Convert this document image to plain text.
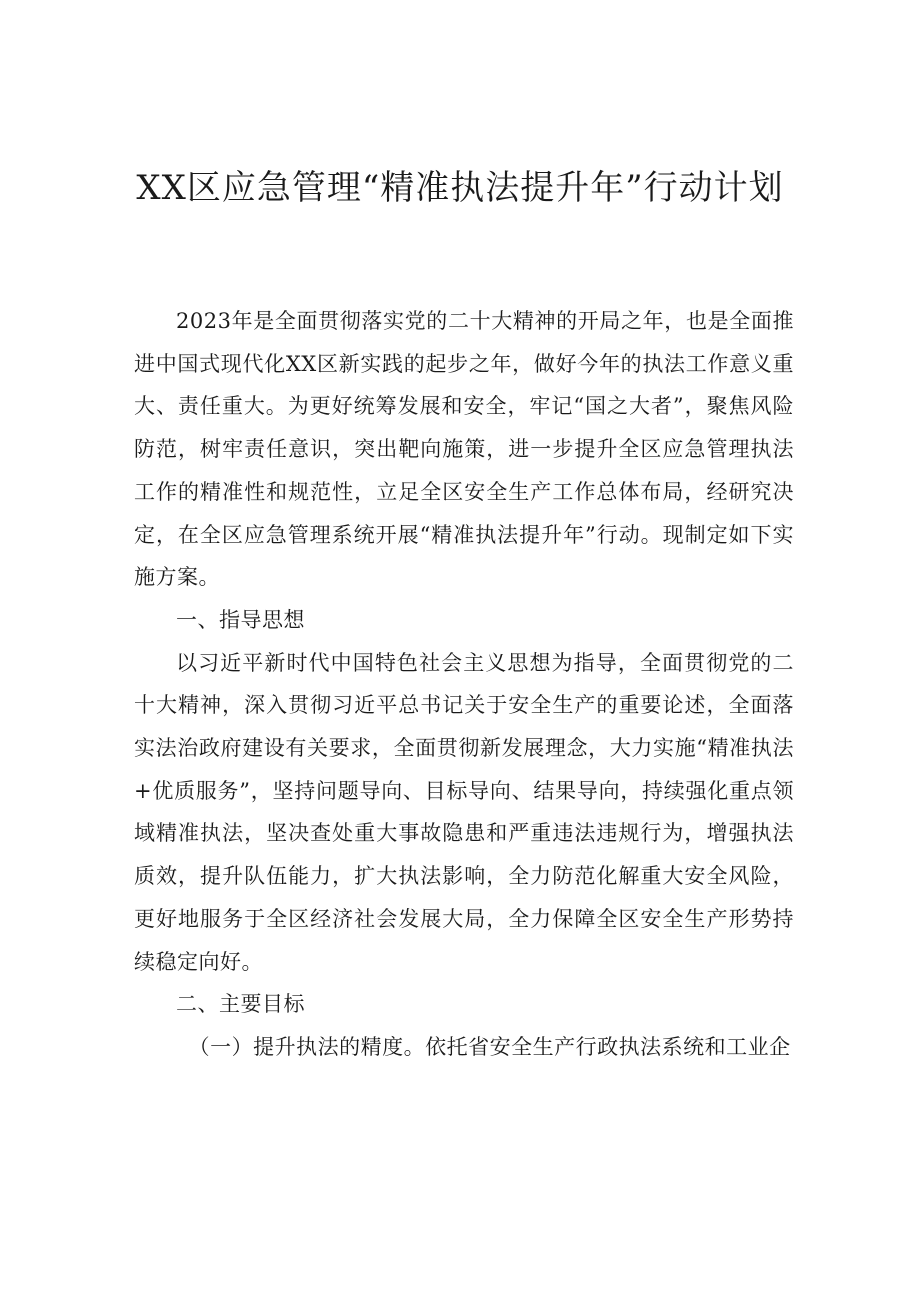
XX区应急管理“精准执法提升年”行动计划

2023年是全面贯彻落实党的二十大精神的开局之年，也是全面推进中国式现代化XX区新实践的起步之年，做好今年的执法工作意义重大、责任重大。为更好统筹发展和安全，牢记“国之大者”，聚焦风险防范，树牢责任意识，突出靶向施策，进一步提升全区应急管理执法工作的精准性和规范性，立足全区安全生产工作总体布局，经研究决定，在全区应急管理系统开展“精准执法提升年”行动。现制定如下实施方案。

一、指导思想

以习近平新时代中国特色社会主义思想为指导，全面贯彻党的二十大精神，深入贯彻习近平总书记关于安全生产的重要论述，全面落实法治政府建设有关要求，全面贯彻新发展理念，大力实施“精准执法+优质服务”，坚持问题导向、目标导向、结果导向，持续强化重点领域精准执法，坚决查处重大事故隐患和严重违法违规行为，增强执法质效，提升队伍能力，扩大执法影响，全力防范化解重大安全风险，更好地服务于全区经济社会发展大局，全力保障全区安全生产形势持续稳定向好。

二、主要目标

（一）提升执法的精度。依托省安全生产行政执法系统和工业企
